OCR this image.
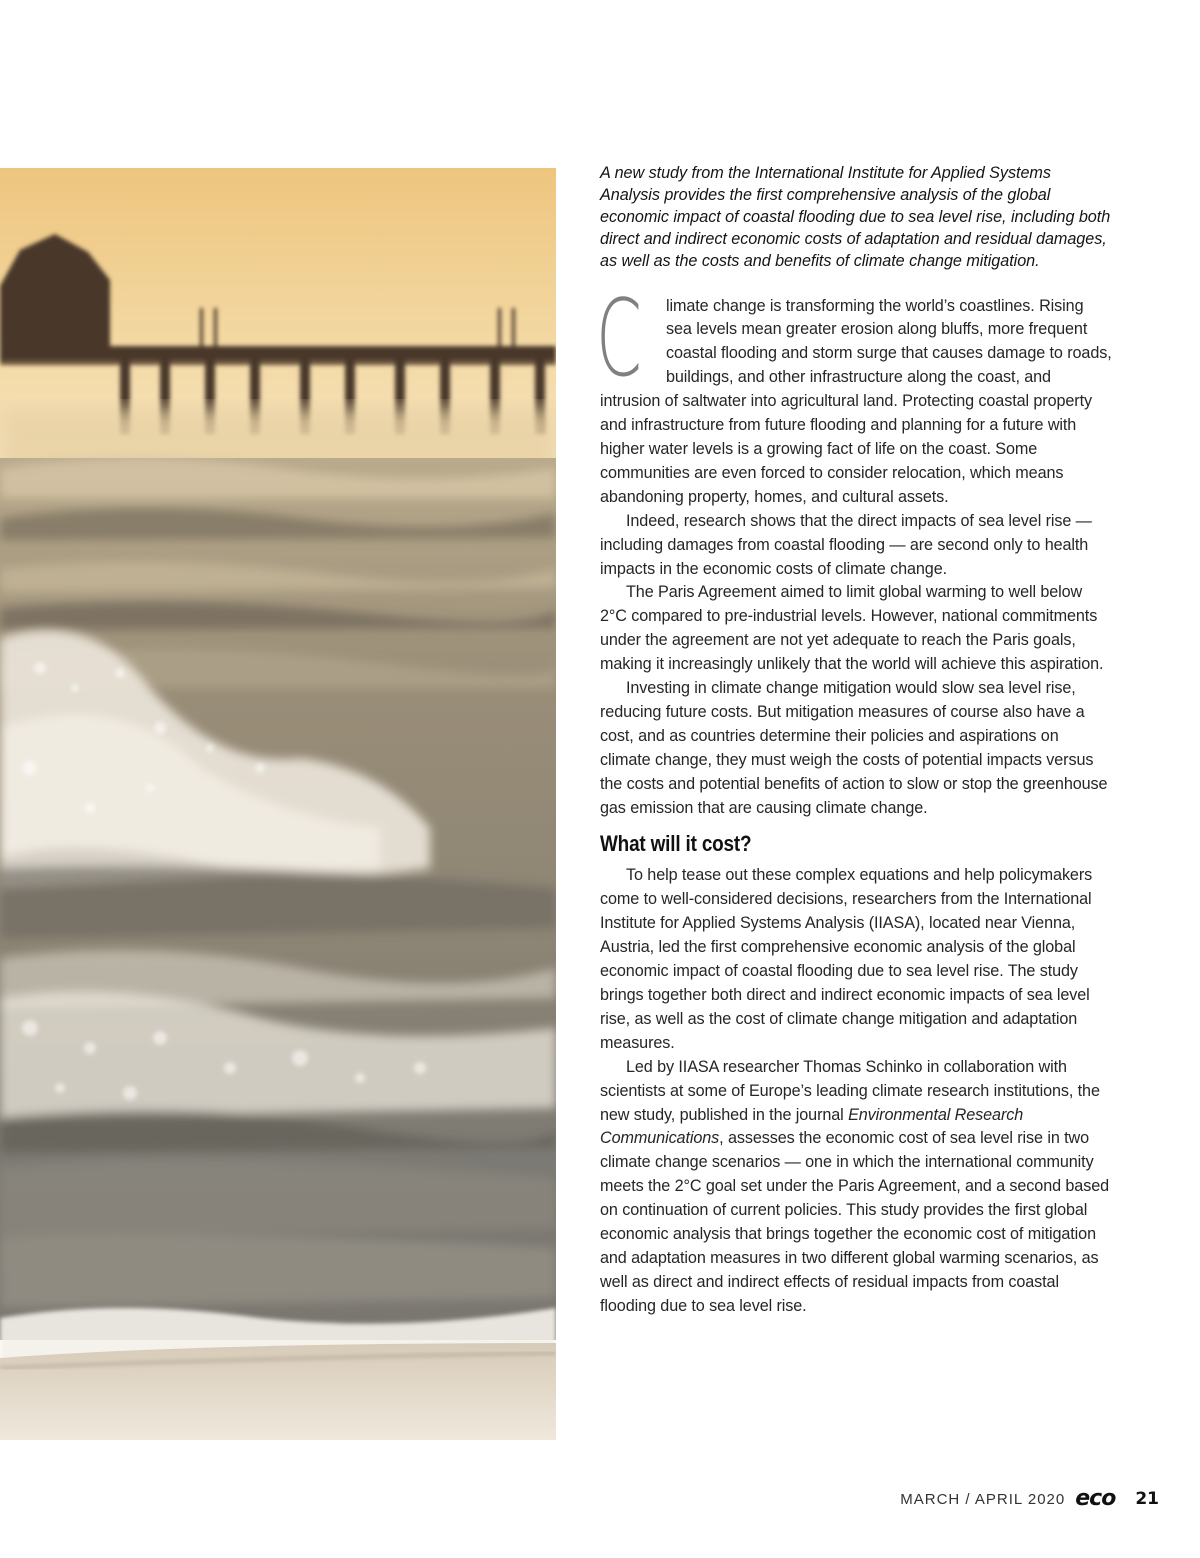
A new study from the International Institute for Applied Systems Analysis provides the first comprehensive analysis of the global economic impact of coastal flooding due to sea level rise, including both direct and indirect economic costs of adaptation and residual damages, as well as the costs and benefits of climate change mitigation.

C limate change is transforming the world’s coastlines. Rising sea levels mean greater erosion along bluffs, more frequent coastal flooding and storm surge that causes damage to roads, buildings, and other infrastructure along the coast, and intrusion of saltwater into agricultural land. Protecting coastal property and infrastructure from future flooding and planning for a future with higher water levels is a growing fact of life on the coast. Some communities are even forced to consider relocation, which means abandoning property, homes, and cultural assets.

Indeed, research shows that the direct impacts of sea level rise — including damages from coastal flooding — are second only to health impacts in the economic costs of climate change.

The Paris Agreement aimed to limit global warming to well below 2°C compared to pre-industrial levels. However, national commitments under the agreement are not yet adequate to reach the Paris goals, making it increasingly unlikely that the world will achieve this aspiration.

Investing in climate change mitigation would slow sea level rise, reducing future costs. But mitigation measures of course also have a cost, and as countries determine their policies and aspirations on climate change, they must weigh the costs of potential impacts versus the costs and potential benefits of action to slow or stop the greenhouse gas emission that are causing climate change.

What will it cost?

To help tease out these complex equations and help policymakers come to well-considered decisions, researchers from the International Institute for Applied Systems Analysis (IIASA), located near Vienna, Austria, led the first comprehensive economic analysis of the global economic impact of coastal flooding due to sea level rise. The study brings together both direct and indirect economic impacts of sea level rise, as well as the cost of climate change mitigation and adaptation measures.

Led by IIASA researcher Thomas Schinko in collaboration with scientists at some of Europe’s leading climate research institutions, the new study, published in the journal Environmental Research Communications, assesses the economic cost of sea level rise in two climate change scenarios — one in which the international community meets the 2°C goal set under the Paris Agreement, and a second based on continuation of current policies. This study provides the first global economic analysis that brings together the economic cost of mitigation and adaptation measures in two different global warming scenarios, as well as direct and indirect effects of residual impacts from coastal flooding due to sea level rise.

MARCH / APRIL 2020 eco 21
